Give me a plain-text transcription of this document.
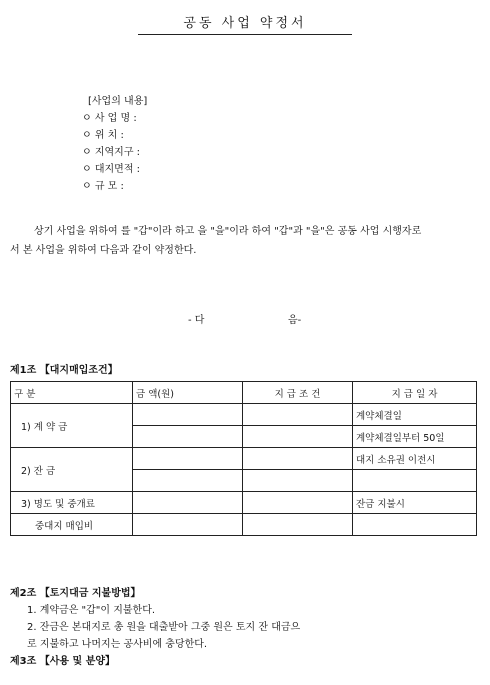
공동 사업 약정서
[사업의 내용]
ㅇ 사 업 명 :
ㅇ 위 치 :
ㅇ 지역지구 :
ㅇ 대지면적 :
ㅇ 규 모 :
상기 사업을 위하여 를 "갑"이라 하고 을 "을"이라 하여 "갑"과 "을"은 공동 사업 시행자로
서 본 사업을 위하여 다음과 같이 약정한다.
- 다	음-
제1조 【대지매입조건】
구 분	금 액(원)	지 급 조 건	지 급 일 자
1) 계 약 금			계약체결일
			계약체결일부터 50일
2) 잔 금			대지 소유권 이전시

3) 명도 및 중개료			잔금 지불시
중대지 매입비			
제2조 【토지대금 지불방법】
1. 계약금은 "갑"이 지불한다.
2. 잔금은 본대지로 총 원을 대출받아 그중 원은 토지 잔 대금으
로 지불하고 나머지는 공사비에 충당한다.
제3조 【사용 및 분양】
